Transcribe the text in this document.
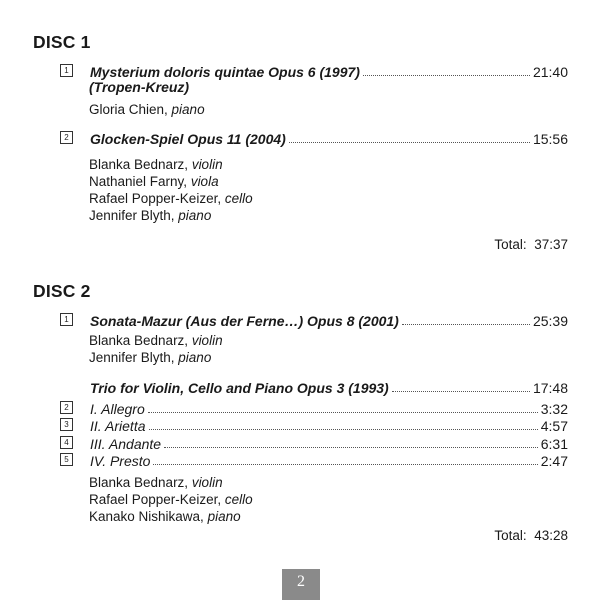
DISC 1
1	Mysterium doloris quintae Opus 6 (1997)	21:40
(Tropen-Kreuz)
Gloria Chien, piano
2	Glocken-Spiel Opus 11 (2004)	15:56
Blanka Bednarz, violin
Nathaniel Farny, viola
Rafael Popper-Keizer, cello
Jennifer Blyth, piano
Total: 37:37
DISC 2
1	Sonata-Mazur (Aus der Ferne…) Opus 8 (2001)	25:39
Blanka Bednarz, violin
Jennifer Blyth, piano
Trio for Violin, Cello and Piano Opus 3 (1993)	17:48
2	I. Allegro	3:32
3	II. Arietta	4:57
4	III. Andante	6:31
5	IV. Presto	2:47
Blanka Bednarz, violin
Rafael Popper-Keizer, cello
Kanako Nishikawa, piano
Total: 43:28
2
